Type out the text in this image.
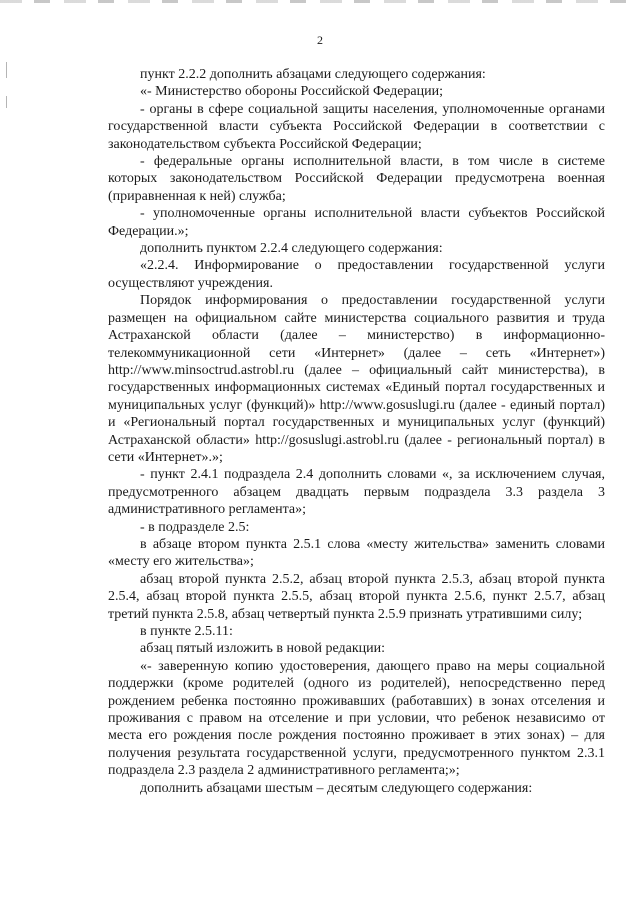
2

пункт 2.2.2 дополнить абзацами следующего содержания:

«- Министерство обороны Российской Федерации;

- органы в сфере социальной защиты населения, уполномоченные органами государственной власти субъекта Российской Федерации в соответствии с законодательством субъекта Российской Федерации;

- федеральные органы исполнительной власти, в том числе в системе которых законодательством Российской Федерации предусмотрена военная (приравненная к ней) служба;

- уполномоченные органы исполнительной власти субъектов Российской Федерации.»;

дополнить пунктом 2.2.4 следующего содержания:

«2.2.4. Информирование о предоставлении государственной услуги осуществляют учреждения.

Порядок информирования о предоставлении государственной услуги размещен на официальном сайте министерства социального развития и труда Астраханской области (далее – министерство) в информационно-телекоммуникационной сети «Интернет» (далее – сеть «Интернет») http://www.minsoctrud.astrobl.ru (далее – официальный сайт министерства), в государственных информационных системах «Единый портал государственных и муниципальных услуг (функций)» http://www.gosuslugi.ru (далее - единый портал) и «Региональный портал государственных и муниципальных услуг (функций) Астраханской области» http://gosuslugi.astrobl.ru (далее - региональный портал) в сети «Интернет».»;

- пункт 2.4.1 подраздела 2.4 дополнить словами «, за исключением случая, предусмотренного абзацем двадцать первым подраздела 3.3 раздела 3 административного регламента»;

- в подразделе 2.5:

в абзаце втором пункта 2.5.1 слова «месту жительства» заменить словами «месту его жительства»;

абзац второй пункта 2.5.2, абзац второй пункта 2.5.3, абзац второй пункта 2.5.4, абзац второй пункта 2.5.5, абзац второй пункта 2.5.6, пункт 2.5.7, абзац третий пункта 2.5.8, абзац четвертый пункта 2.5.9 признать утратившими силу;

в пункте 2.5.11:

абзац пятый изложить в новой редакции:

«- заверенную копию удостоверения, дающего право на меры социальной поддержки (кроме родителей (одного из родителей), непосредственно перед рождением ребенка постоянно проживавших (работавших) в зонах отселения и проживания с правом на отселение и при условии, что ребенок независимо от места его рождения после рождения постоянно проживает в этих зонах) – для получения результата государственной услуги, предусмотренного пунктом 2.3.1 подраздела 2.3 раздела 2 административного регламента;»;

дополнить абзацами шестым – десятым следующего содержания:
